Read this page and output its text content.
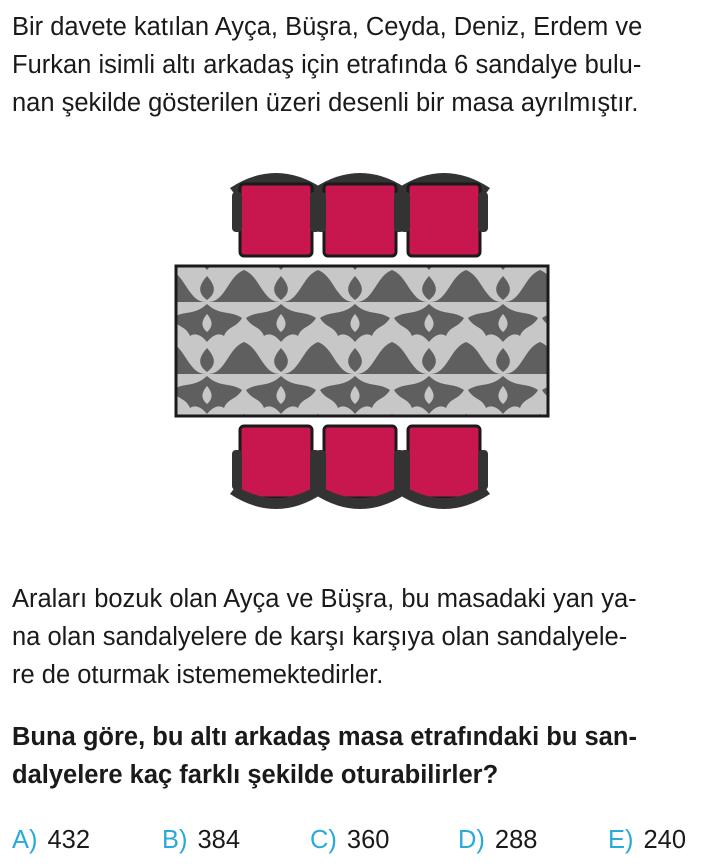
Bir davete katılan Ayça, Büşra, Ceyda, Deniz, Erdem ve
Furkan isimli altı arkadaş için etrafında 6 sandalye bulu-
nan şekilde gösterilen üzeri desenli bir masa ayrılmıştır.
Araları bozuk olan Ayça ve Büşra, bu masadaki yan ya-
na olan sandalyelere de karşı karşıya olan sandalyele-
re de oturmak istememektedirler.
Buna göre, bu altı arkadaş masa etrafındaki bu san-
dalyelere kaç farklı şekilde oturabilirler?
A) 432	B) 384	C) 360	D) 288	E) 240
